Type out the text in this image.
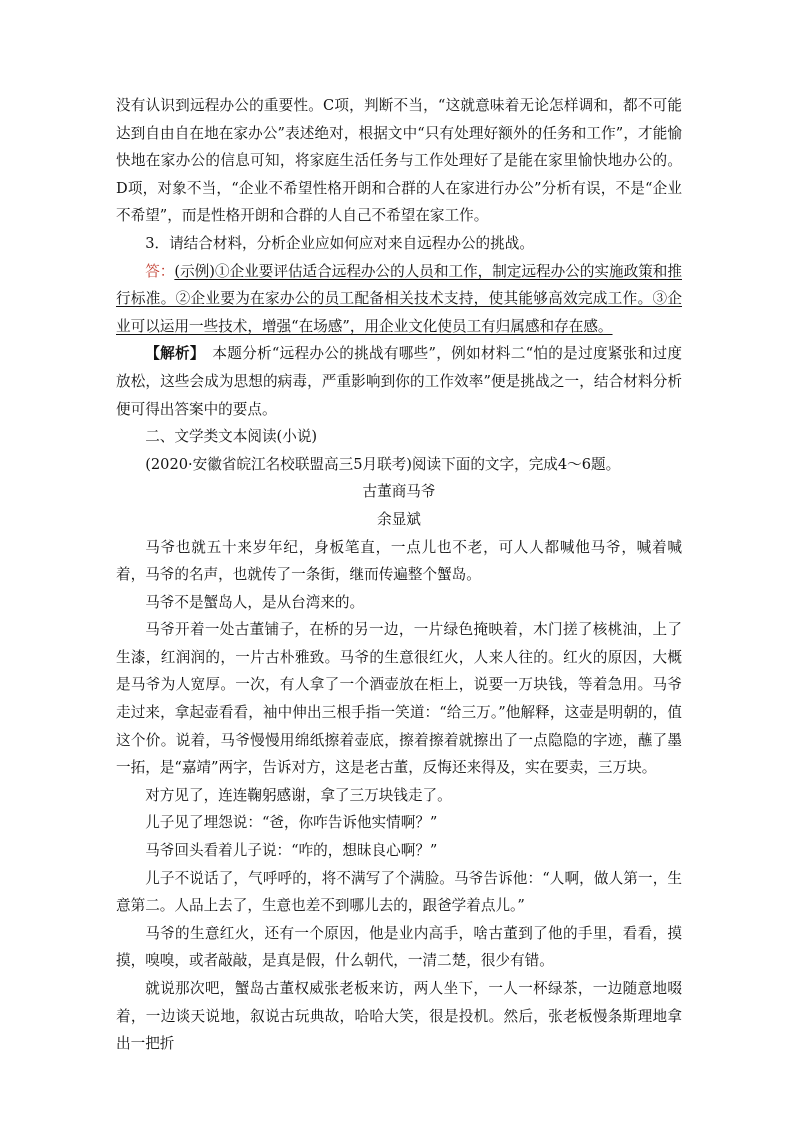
没有认识到远程办公的重要性。C项，判断不当，“这就意味着无论怎样调和，都不可能达到自由自在地在家办公”表述绝对，根据文中“只有处理好额外的任务和工作”，才能愉快地在家办公的信息可知，将家庭生活任务与工作处理好了是能在家里愉快地办公的。D项，对象不当，“企业不希望性格开朗和合群的人在家进行办公”分析有误，不是“企业不希望”，而是性格开朗和合群的人自己不希望在家工作。

3．请结合材料，分析企业应如何应对来自远程办公的挑战。

答：(示例)①企业要评估适合远程办公的人员和工作，制定远程办公的实施政策和推行标准。②企业要为在家办公的员工配备相关技术支持，使其能够高效完成工作。③企业可以运用一些技术，增强“在场感”，用企业文化使员工有归属感和存在感。

【解析】　本题分析“远程办公的挑战有哪些”，例如材料二“怕的是过度紧张和过度放松，这些会成为思想的病毒，严重影响到你的工作效率”便是挑战之一，结合材料分析便可得出答案中的要点。

二、文学类文本阅读(小说)

(2020·安徽省皖江名校联盟高三5月联考)阅读下面的文字，完成4～6题。

古董商马爷

余显斌

马爷也就五十来岁年纪，身板笔直，一点儿也不老，可人人都喊他马爷，喊着喊着，马爷的名声，也就传了一条街，继而传遍整个蟹岛。

马爷不是蟹岛人，是从台湾来的。

马爷开着一处古董铺子，在桥的另一边，一片绿色掩映着，木门搓了核桃油，上了生漆，红润润的，一片古朴雅致。马爷的生意很红火，人来人往的。红火的原因，大概是马爷为人宽厚。一次，有人拿了一个酒壶放在柜上，说要一万块钱，等着急用。马爷走过来，拿起壶看看，袖中伸出三根手指一笑道：“给三万。”他解释，这壶是明朝的，值这个价。说着，马爷慢慢用绵纸擦着壶底，擦着擦着就擦出了一点隐隐的字迹，蘸了墨一拓，是“嘉靖”两字，告诉对方，这是老古董，反悔还来得及，实在要卖，三万块。

对方见了，连连鞠躬感谢，拿了三万块钱走了。

儿子见了埋怨说：“爸，你咋告诉他实情啊？”

马爷回头看着儿子说：“咋的，想昧良心啊？”

儿子不说话了，气呼呼的，将不满写了个满脸。马爷告诉他：“人啊，做人第一，生意第二。人品上去了，生意也差不到哪儿去的，跟爸学着点儿。”

马爷的生意红火，还有一个原因，他是业内高手，啥古董到了他的手里，看看，摸摸，嗅嗅，或者敲敲，是真是假，什么朝代，一清二楚，很少有错。

就说那次吧，蟹岛古董权威张老板来访，两人坐下，一人一杯绿茶，一边随意地啜着，一边谈天说地，叙说古玩典故，哈哈大笑，很是投机。然后，张老板慢条斯理地拿出一把折
